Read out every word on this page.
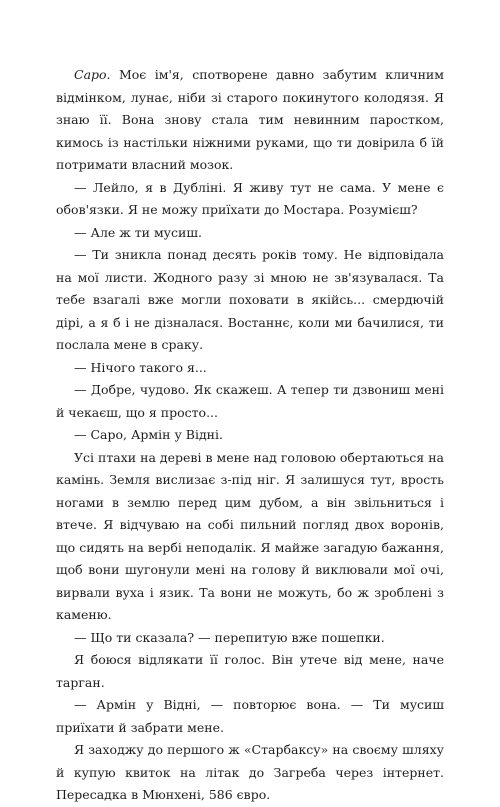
Саро. Моє ім'я, спотворене давно забутим кличним відмінком, лунає, ніби зі старого покинутого колодязя. Я знаю її. Вона знову стала тим невинним паростком, кимось із настільки ніжними руками, що ти довірила б їй потримати власний мозок.

— Лейло, я в Дубліні. Я живу тут не сама. У мене є обов'язки. Я не можу приїхати до Мостара. Розумієш?

— Але ж ти мусиш.

— Ти зникла понад десять років тому. Не відповідала на мої листи. Жодного разу зі мною не зв'язувалася. Та тебе взагалі вже могли поховати в якійсь... смердючій дірі, а я б і не дізналася. Востаннє, коли ми бачилися, ти послала мене в сраку.

— Нічого такого я...

— Добре, чудово. Як скажеш. А тепер ти дзвониш мені й чекаєш, що я просто...

— Саро, Армін у Відні.

Усі птахи на дереві в мене над головою обертаються на камінь. Земля вислизає з-під ніг. Я залишуся тут, врость ногами в землю перед цим дубом, а він звільниться і втече. Я відчуваю на собі пильний погляд двох воронів, що сидять на вербі неподалік. Я майже загадую бажання, щоб вони шугонули мені на голову й виклювали мої очі, вирвали вуха і язик. Та вони не можуть, бо ж зроблені з каменю.

— Що ти сказала? — перепитую вже пошепки.

Я боюся відлякати її голос. Він утече від мене, наче тарган.

— Армін у Відні, — повторює вона. — Ти мусиш приїхати й забрати мене.

Я заходжу до першого ж «Старбаксу» на своєму шляху й купую квиток на літак до Загреба через інтернет. Пересадка в Мюнхені, 586 євро.
